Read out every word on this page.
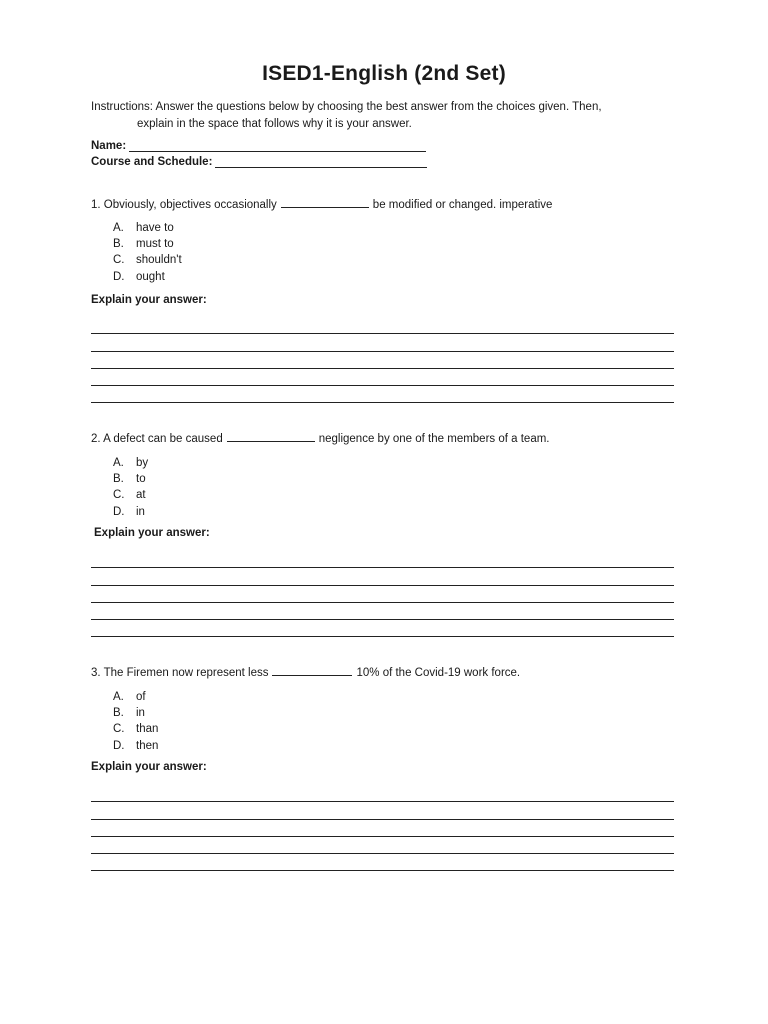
ISED1-English (2nd Set)
Instructions: Answer the questions below by choosing the best answer from the choices given. Then,
explain in the space that follows why it is your answer.
Name:
Course and Schedule:
1. Obviously, objectives occasionally	be modified or changed. imperative
A.	have to
B.	must to
C.	shouldn't
D.	ought
Explain your answer:
2. A defect can be caused	negligence by one of the members of a team.
A.	by
B.	to
C.	at
D.	in
Explain your answer:
3. The Firemen now represent less	10% of the Covid-19 work force.
A.	of
B.	in
C.	than
D.	then
Explain your answer:
